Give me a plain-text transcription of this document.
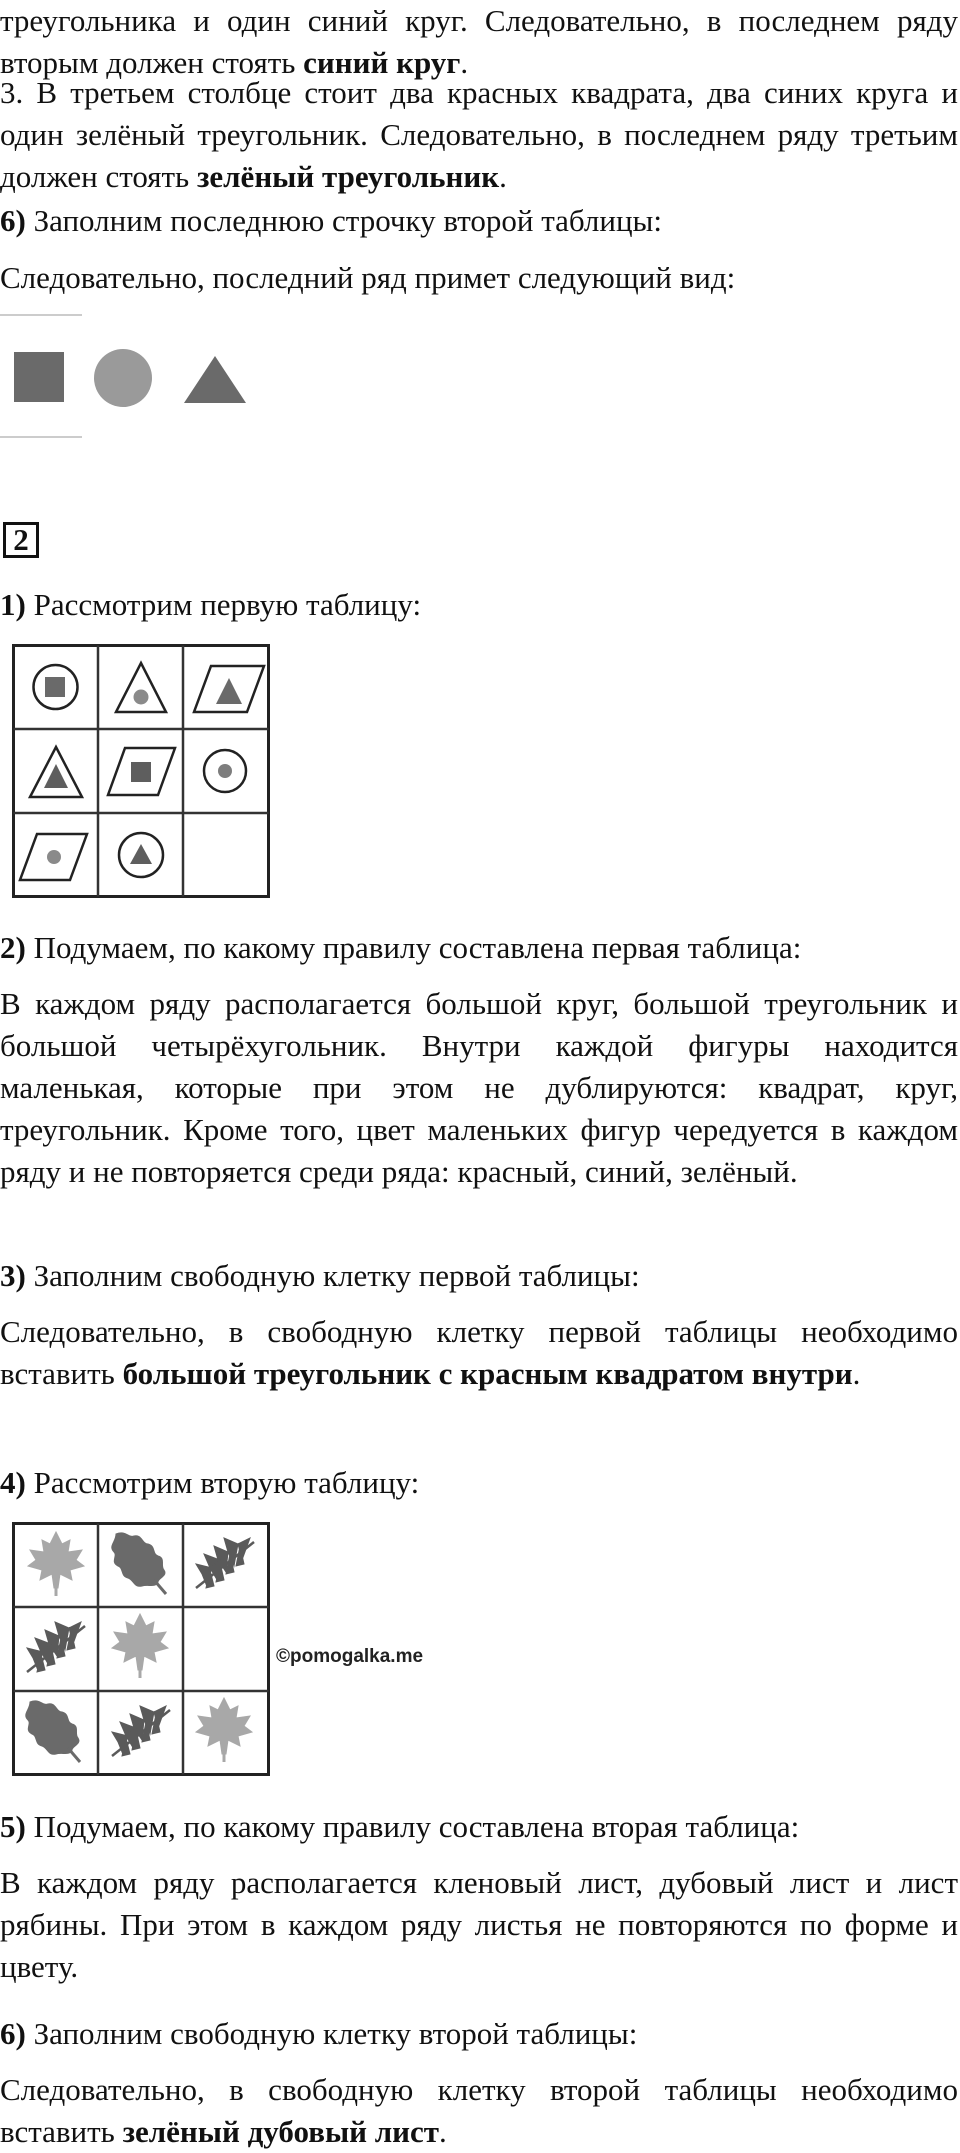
треугольника и один синий круг. Следовательно, в последнем ряду вторым должен стоять синий круг.

3. В третьем столбце стоит два красных квадрата, два синих круга и один зелёный треугольник. Следовательно, в последнем ряду третьим должен стоять зелёный треугольник.

6) Заполним последнюю строчку второй таблицы:

Следовательно, последний ряд примет следующий вид:

2

1) Рассмотрим первую таблицу:

2) Подумаем, по какому правилу составлена первая таблица:

В каждом ряду располагается большой круг, большой треугольник и большой четырёхугольник. Внутри каждой фигуры находится маленькая, которые при этом не дублируются: квадрат, круг, треугольник. Кроме того, цвет маленьких фигур чередуется в каждом ряду и не повторяется среди ряда: красный, синий, зелёный.

3) Заполним свободную клетку первой таблицы:

Следовательно, в свободную клетку первой таблицы необходимо вставить большой треугольник с красным квадратом внутри.

4) Рассмотрим вторую таблицу:

©pomogalka.me

5) Подумаем, по какому правилу составлена вторая таблица:

В каждом ряду располагается кленовый лист, дубовый лист и лист рябины. При этом в каждом ряду листья не повторяются по форме и цвету.

6) Заполним свободную клетку второй таблицы:

Следовательно, в свободную клетку второй таблицы необходимо вставить зелёный дубовый лист.
